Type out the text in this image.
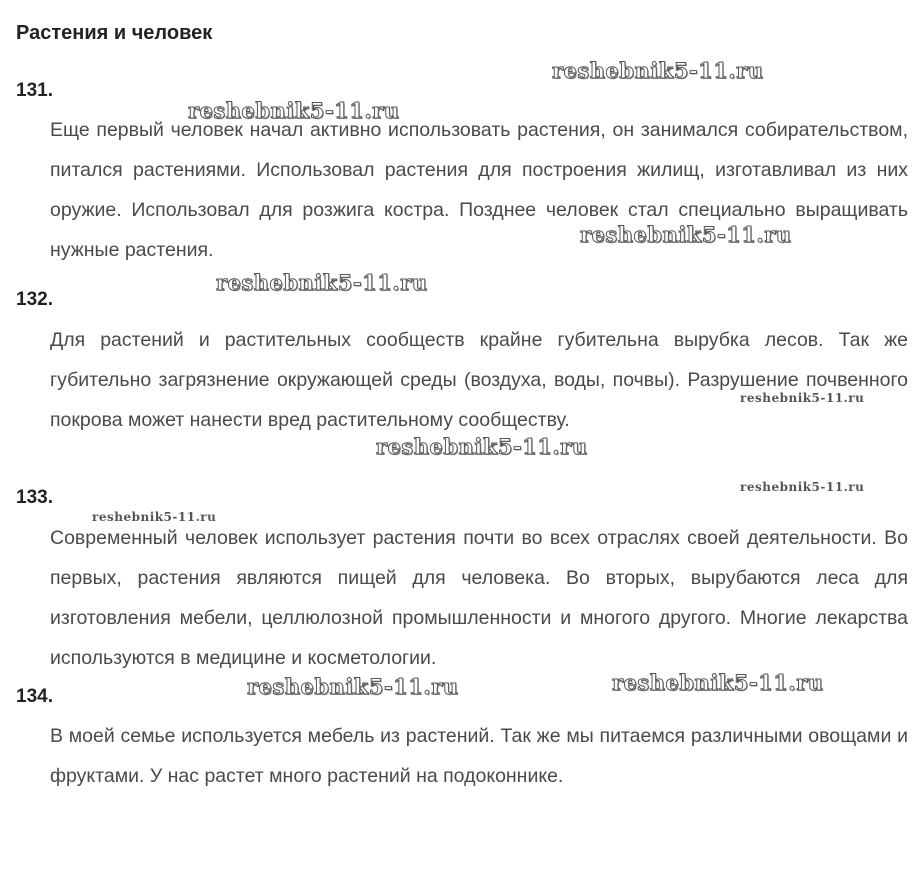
Растения и человек
131.

Еще первый человек начал активно использовать растения, он занимался собирательством, питался растениями. Использовал растения для построения жилищ, изготавливал из них оружие. Использовал для розжига костра. Позднее человек стал специально выращивать нужные растения.

132.

Для растений и растительных сообществ крайне губительна вырубка лесов. Так же губительно загрязнение окружающей среды (воздуха, воды, почвы). Разрушение почвенного покрова может нанести вред растительному сообществу.

133.

Современный человек использует растения почти во всех отраслях своей деятельности. Во первых, растения являются пищей для человека. Во вторых, вырубаются леса для изготовления мебели, целлюлозной промышленности и многого другого. Многие лекарства используются в медицине и косметологии.

134.

В моей семье используется мебель из растений. Так же мы питаемся различными овощами и фруктами. У нас растет много растений на подоконнике.

reshebnik5-11.ru
reshebnik5-11.ru
reshebnik5-11.ru
reshebnik5-11.ru
reshebnik5-11.ru
reshebnik5-11.ru
reshebnik5-11.ru
reshebnik5-11.ru
reshebnik5-11.ru	reshebnik5-11.ru
